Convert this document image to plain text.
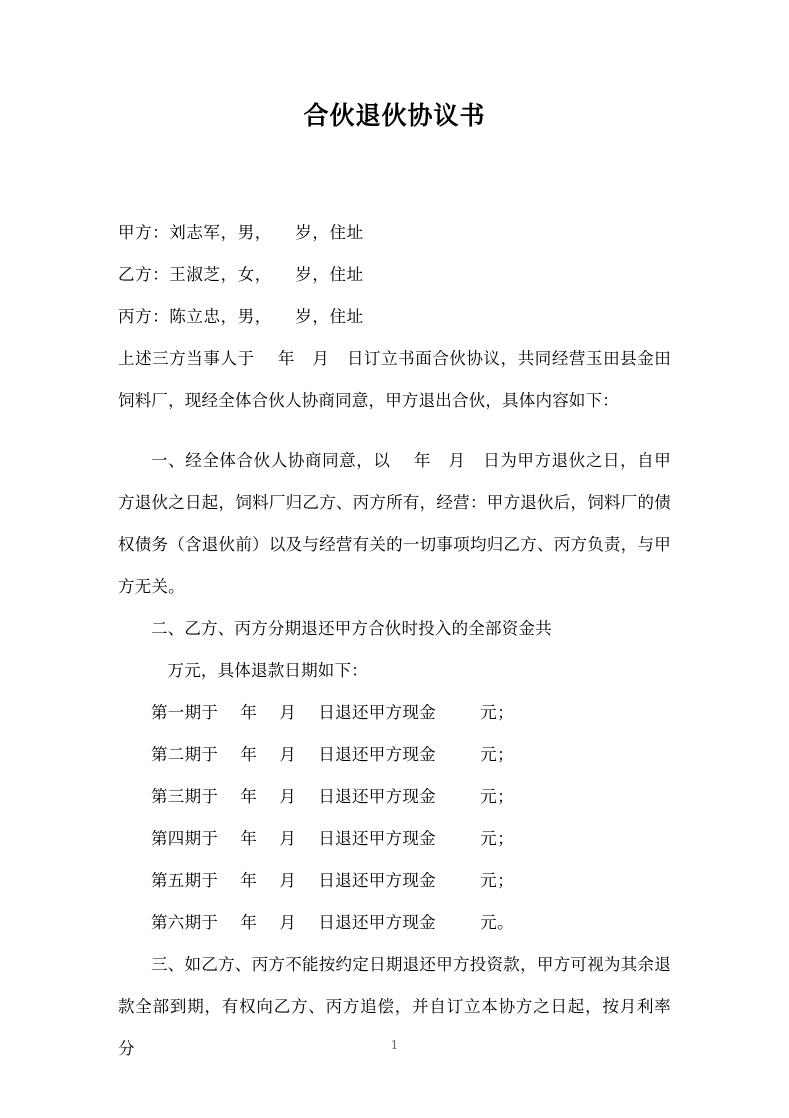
合伙退伙协议书

甲方：刘志军，男，    岁，住址

乙方：王淑芝，女，    岁，住址

丙方：陈立忠，男，    岁，住址

上述三方当事人于    年   月   日订立书面合伙协议，共同经营玉田县金田饲料厂，现经全体合伙人协商同意，甲方退出合伙，具体内容如下：

一、经全体合伙人协商同意，以    年   月   日为甲方退伙之日，自甲方退伙之日起，饲料厂归乙方、丙方所有，经营：甲方退伙后，饲料厂的债权债务（含退伙前）以及与经营有关的一切事项均归乙方、丙方负责，与甲方无关。

二、乙方、丙方分期退还甲方合伙时投入的全部资金共

万元，具体退款日期如下：

第一期于    年    月    日退还甲方现金        元；

第二期于    年    月    日退还甲方现金        元；

第三期于    年    月    日退还甲方现金        元；

第四期于    年    月    日退还甲方现金        元；

第五期于    年    月    日退还甲方现金        元；

第六期于    年    月    日退还甲方现金        元。

三、如乙方、丙方不能按约定日期退还甲方投资款，甲方可视为其余退款全部到期，有权向乙方、丙方追偿，并自订立本协方之日起，按月利率    分	1
